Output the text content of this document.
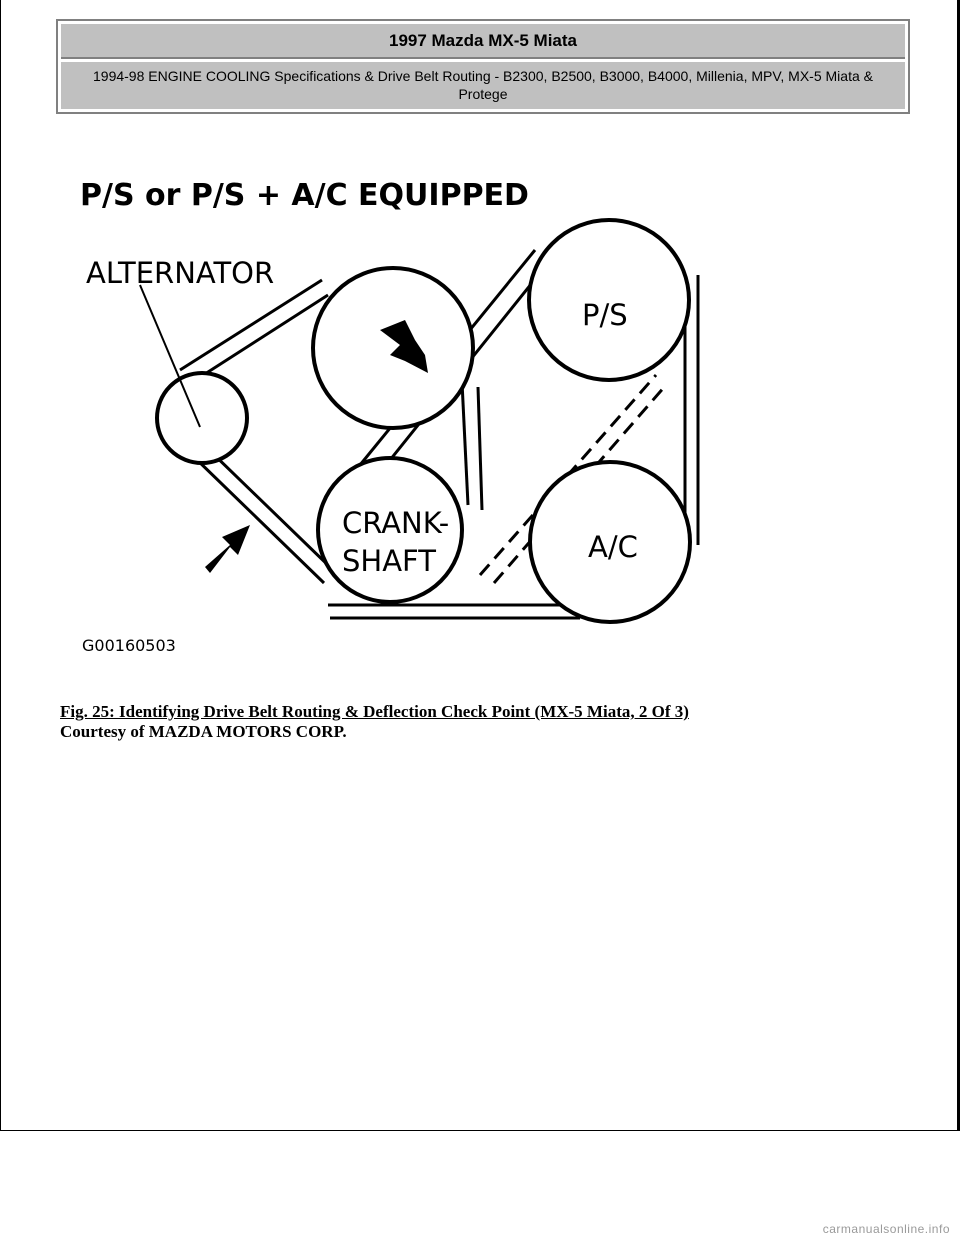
1997 Mazda MX-5 Miata
1994-98 ENGINE COOLING Specifications & Drive Belt Routing - B2300, B2500, B3000, B4000, Millenia, MPV, MX-5 Miata & Protege
P/S or P/S + A/C EQUIPPED
ALTERNATOR
P/S
CRANK-
SHAFT	A/C
G00160503
Fig. 25: Identifying Drive Belt Routing & Deflection Check Point (MX-5 Miata, 2 Of 3)
Courtesy of MAZDA MOTORS CORP.
carmanualsonline.info
